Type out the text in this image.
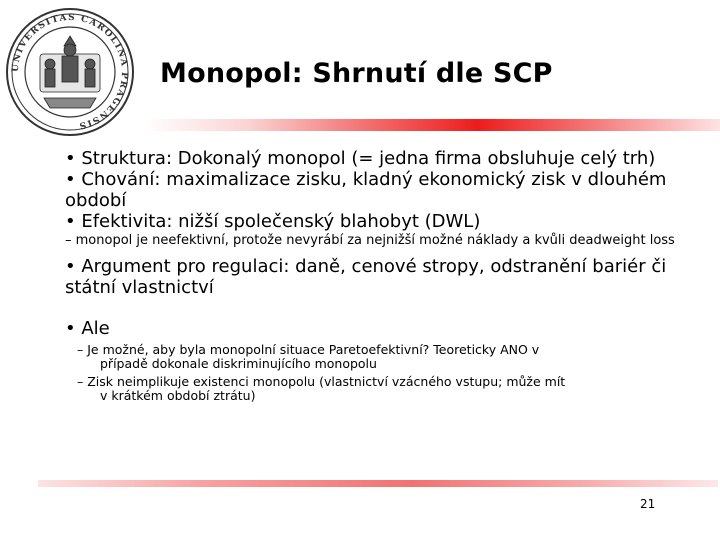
UNIVERSITAS CAROLINA PRAGENSIS
Monopol: Shrnutí dle SCP

• Struktura: Dokonalý monopol (= jedna firma obsluhuje celý trh)

• Chování: maximalizace zisku, kladný ekonomický zisk v dlouhém období

• Efektivita: nižší společenský blahobyt (DWL)

– monopol je neefektivní, protože nevyrábí za nejnižší možné náklady a kvůli deadweight loss

• Argument pro regulaci: daně, cenové stropy, odstranění bariér či státní vlastnictví

• Ale

– Je možné, aby byla monopolní situace Paretoefektivní? Teoreticky ANO v
případě dokonale diskriminujícího monopolu

– Zisk neimplikuje existenci monopolu (vlastnictví vzácného vstupu; může mít
v krátkém období ztrátu)

21
